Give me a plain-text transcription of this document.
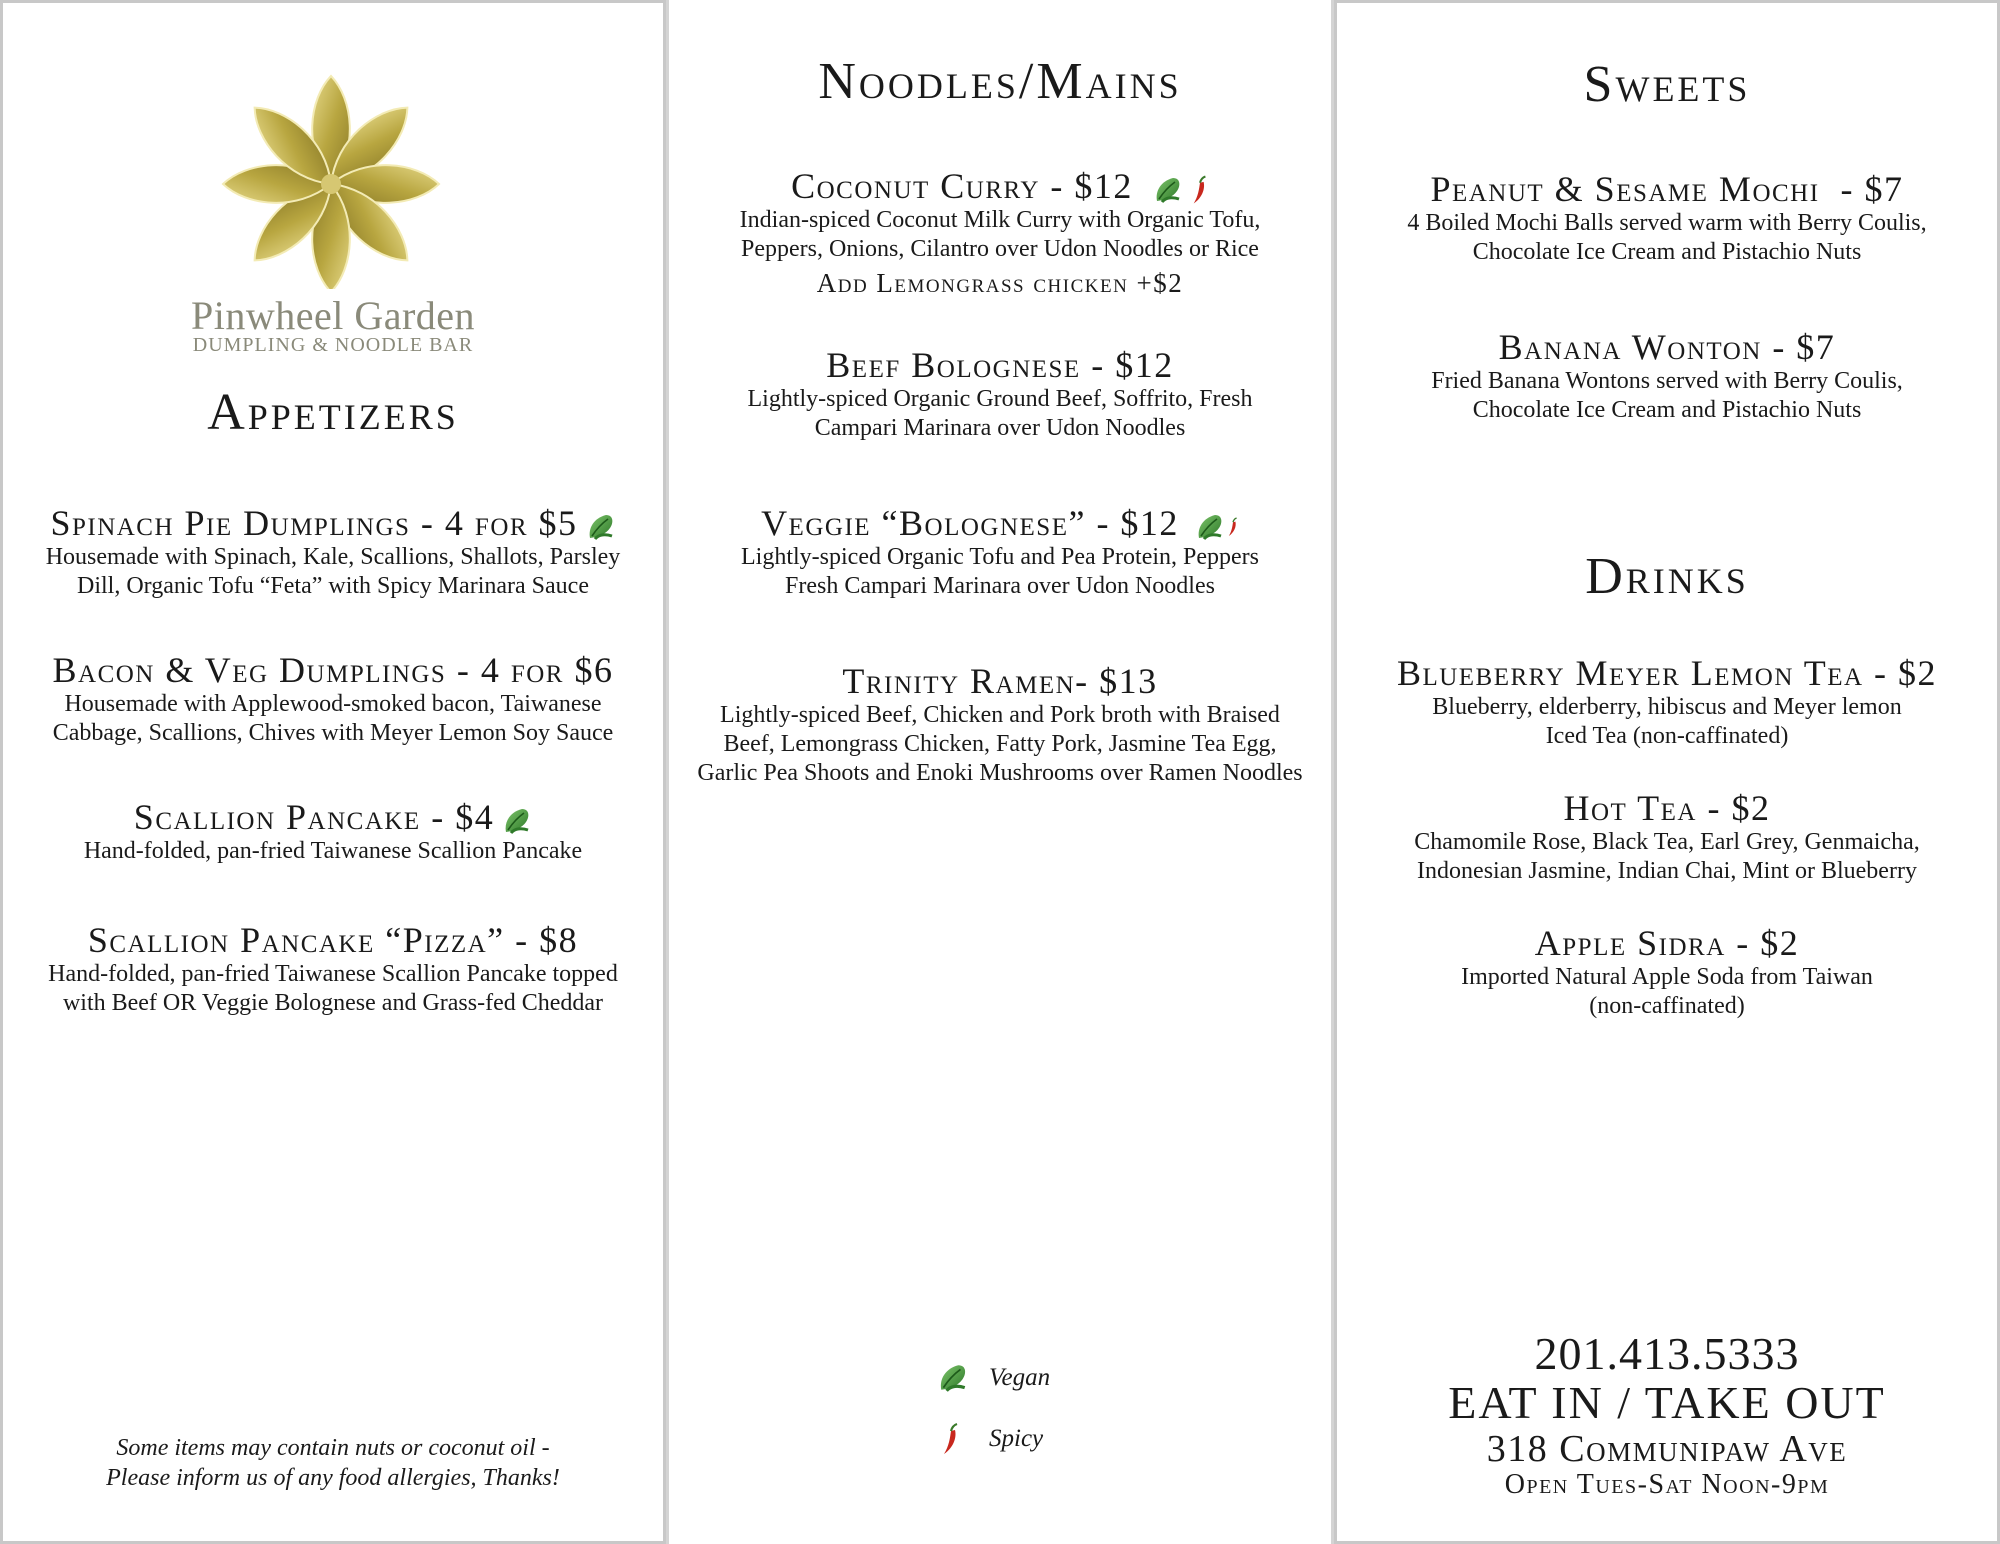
Pinwheel Garden
DUMPLING & NOODLE BAR
Appetizers
Spinach Pie Dumplings - 4 for $5
Housemade with Spinach, Kale, Scallions, Shallots, Parsley
Dill, Organic Tofu “Feta” with Spicy Marinara Sauce
Bacon & Veg Dumplings - 4 for $6
Housemade with Applewood-smoked bacon, Taiwanese
Cabbage, Scallions, Chives with Meyer Lemon Soy Sauce
Scallion Pancake - $4
Hand-folded, pan-fried Taiwanese Scallion Pancake
Scallion Pancake “Pizza” - $8
Hand-folded, pan-fried Taiwanese Scallion Pancake topped
with Beef OR Veggie Bolognese and Grass-fed Cheddar
Some items may contain nuts or coconut oil -
Please inform us of any food allergies, Thanks!
Noodles/Mains
Coconut Curry - $12
Indian-spiced Coconut Milk Curry with Organic Tofu,
Peppers, Onions, Cilantro over Udon Noodles or Rice
Add Lemongrass chicken +$2
Beef Bolognese - $12
Lightly-spiced Organic Ground Beef, Soffrito, Fresh
Campari Marinara over Udon Noodles
Veggie “Bolognese” - $12
Lightly-spiced Organic Tofu and Pea Protein, Peppers
Fresh Campari Marinara over Udon Noodles
Trinity Ramen- $13
Lightly-spiced Beef, Chicken and Pork broth with Braised
Beef, Lemongrass Chicken, Fatty Pork, Jasmine Tea Egg,
Garlic Pea Shoots and Enoki Mushrooms over Ramen Noodles
Vegan
Spicy
Sweets
Peanut & Sesame Mochi  - $7
4 Boiled Mochi Balls served warm with Berry Coulis,
Chocolate Ice Cream and Pistachio Nuts
Banana Wonton - $7
Fried Banana Wontons served with Berry Coulis,
Chocolate Ice Cream and Pistachio Nuts
Drinks
Blueberry Meyer Lemon Tea - $2
Blueberry, elderberry, hibiscus and Meyer lemon
Iced Tea (non-caffinated)
Hot Tea - $2
Chamomile Rose, Black Tea, Earl Grey, Genmaicha,
Indonesian Jasmine, Indian Chai, Mint or Blueberry
Apple Sidra - $2
Imported Natural Apple Soda from Taiwan
(non-caffinated)
201.413.5333
EAT IN / TAKE OUT
318 Communipaw Ave
Open Tues-Sat Noon-9pm
